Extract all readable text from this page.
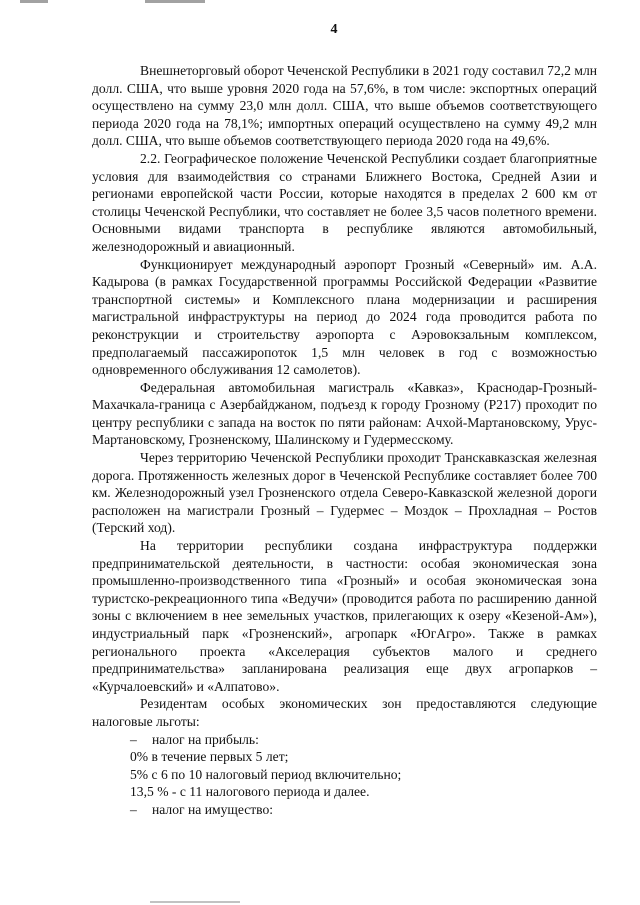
4

Внешнеторговый оборот Чеченской Республики в 2021 году составил 72,2 млн долл. США, что выше уровня 2020 года на 57,6%, в том числе: экспортных операций осуществлено на сумму 23,0 млн долл. США, что выше объемов соответствующего периода 2020 года на 78,1%; импортных операций осуществлено на сумму 49,2 млн долл. США, что выше объемов соответствующего периода 2020 года на 49,6%.

2.2. Географическое положение Чеченской Республики создает благоприятные условия для взаимодействия со странами Ближнего Востока, Средней Азии и регионами европейской части России, которые находятся в пределах 2 600 км от столицы Чеченской Республики, что составляет не более 3,5 часов полетного времени. Основными видами транспорта в республике являются автомобильный, железнодорожный и авиационный.

Функционирует международный аэропорт Грозный «Северный» им. А.А. Кадырова (в рамках Государственной программы Российской Федерации «Развитие транспортной системы» и Комплексного плана модернизации и расширения магистральной инфраструктуры на период до 2024 года проводится работа по реконструкции и строительству аэропорта с Аэровокзальным комплексом, предполагаемый пассажиропоток 1,5 млн человек в год с возможностью одновременного обслуживания 12 самолетов).

Федеральная автомобильная магистраль «Кавказ», Краснодар-Грозный-Махачкала-граница с Азербайджаном, подъезд к городу Грозному (Р217) проходит по центру республики с запада на восток по пяти районам: Ачхой-Мартановскому, Урус-Мартановскому, Грозненскому, Шалинскому и Гудермесскому.

Через территорию Чеченской Республики проходит Транскавказская железная дорога. Протяженность железных дорог в Чеченской Республике составляет более 700 км. Железнодорожный узел Грозненского отдела Северо-Кавказской железной дороги расположен на магистрали Грозный – Гудермес – Моздок – Прохладная – Ростов (Терский ход).

На территории республики создана инфраструктура поддержки предпринимательской деятельности, в частности: особая экономическая зона промышленно-производственного типа «Грозный» и особая экономическая зона туристско-рекреационного типа «Ведучи» (проводится работа по расширению данной зоны с включением в нее земельных участков, прилегающих к озеру «Кезеной-Ам»), индустриальный парк «Грозненский», агропарк «ЮгАгро». Также в рамках регионального проекта «Акселерация субъектов малого и среднего предпринимательства» запланирована реализация еще двух агропарков – «Курчалоевский» и «Алпатово».

Резидентам особых экономических зон предоставляются следующие налоговые льготы:

– налог на прибыль:

0% в течение первых 5 лет;

5% с 6 по 10 налоговый период включительно;

13,5 % - с 11 налогового периода и далее.

– налог на имущество:
